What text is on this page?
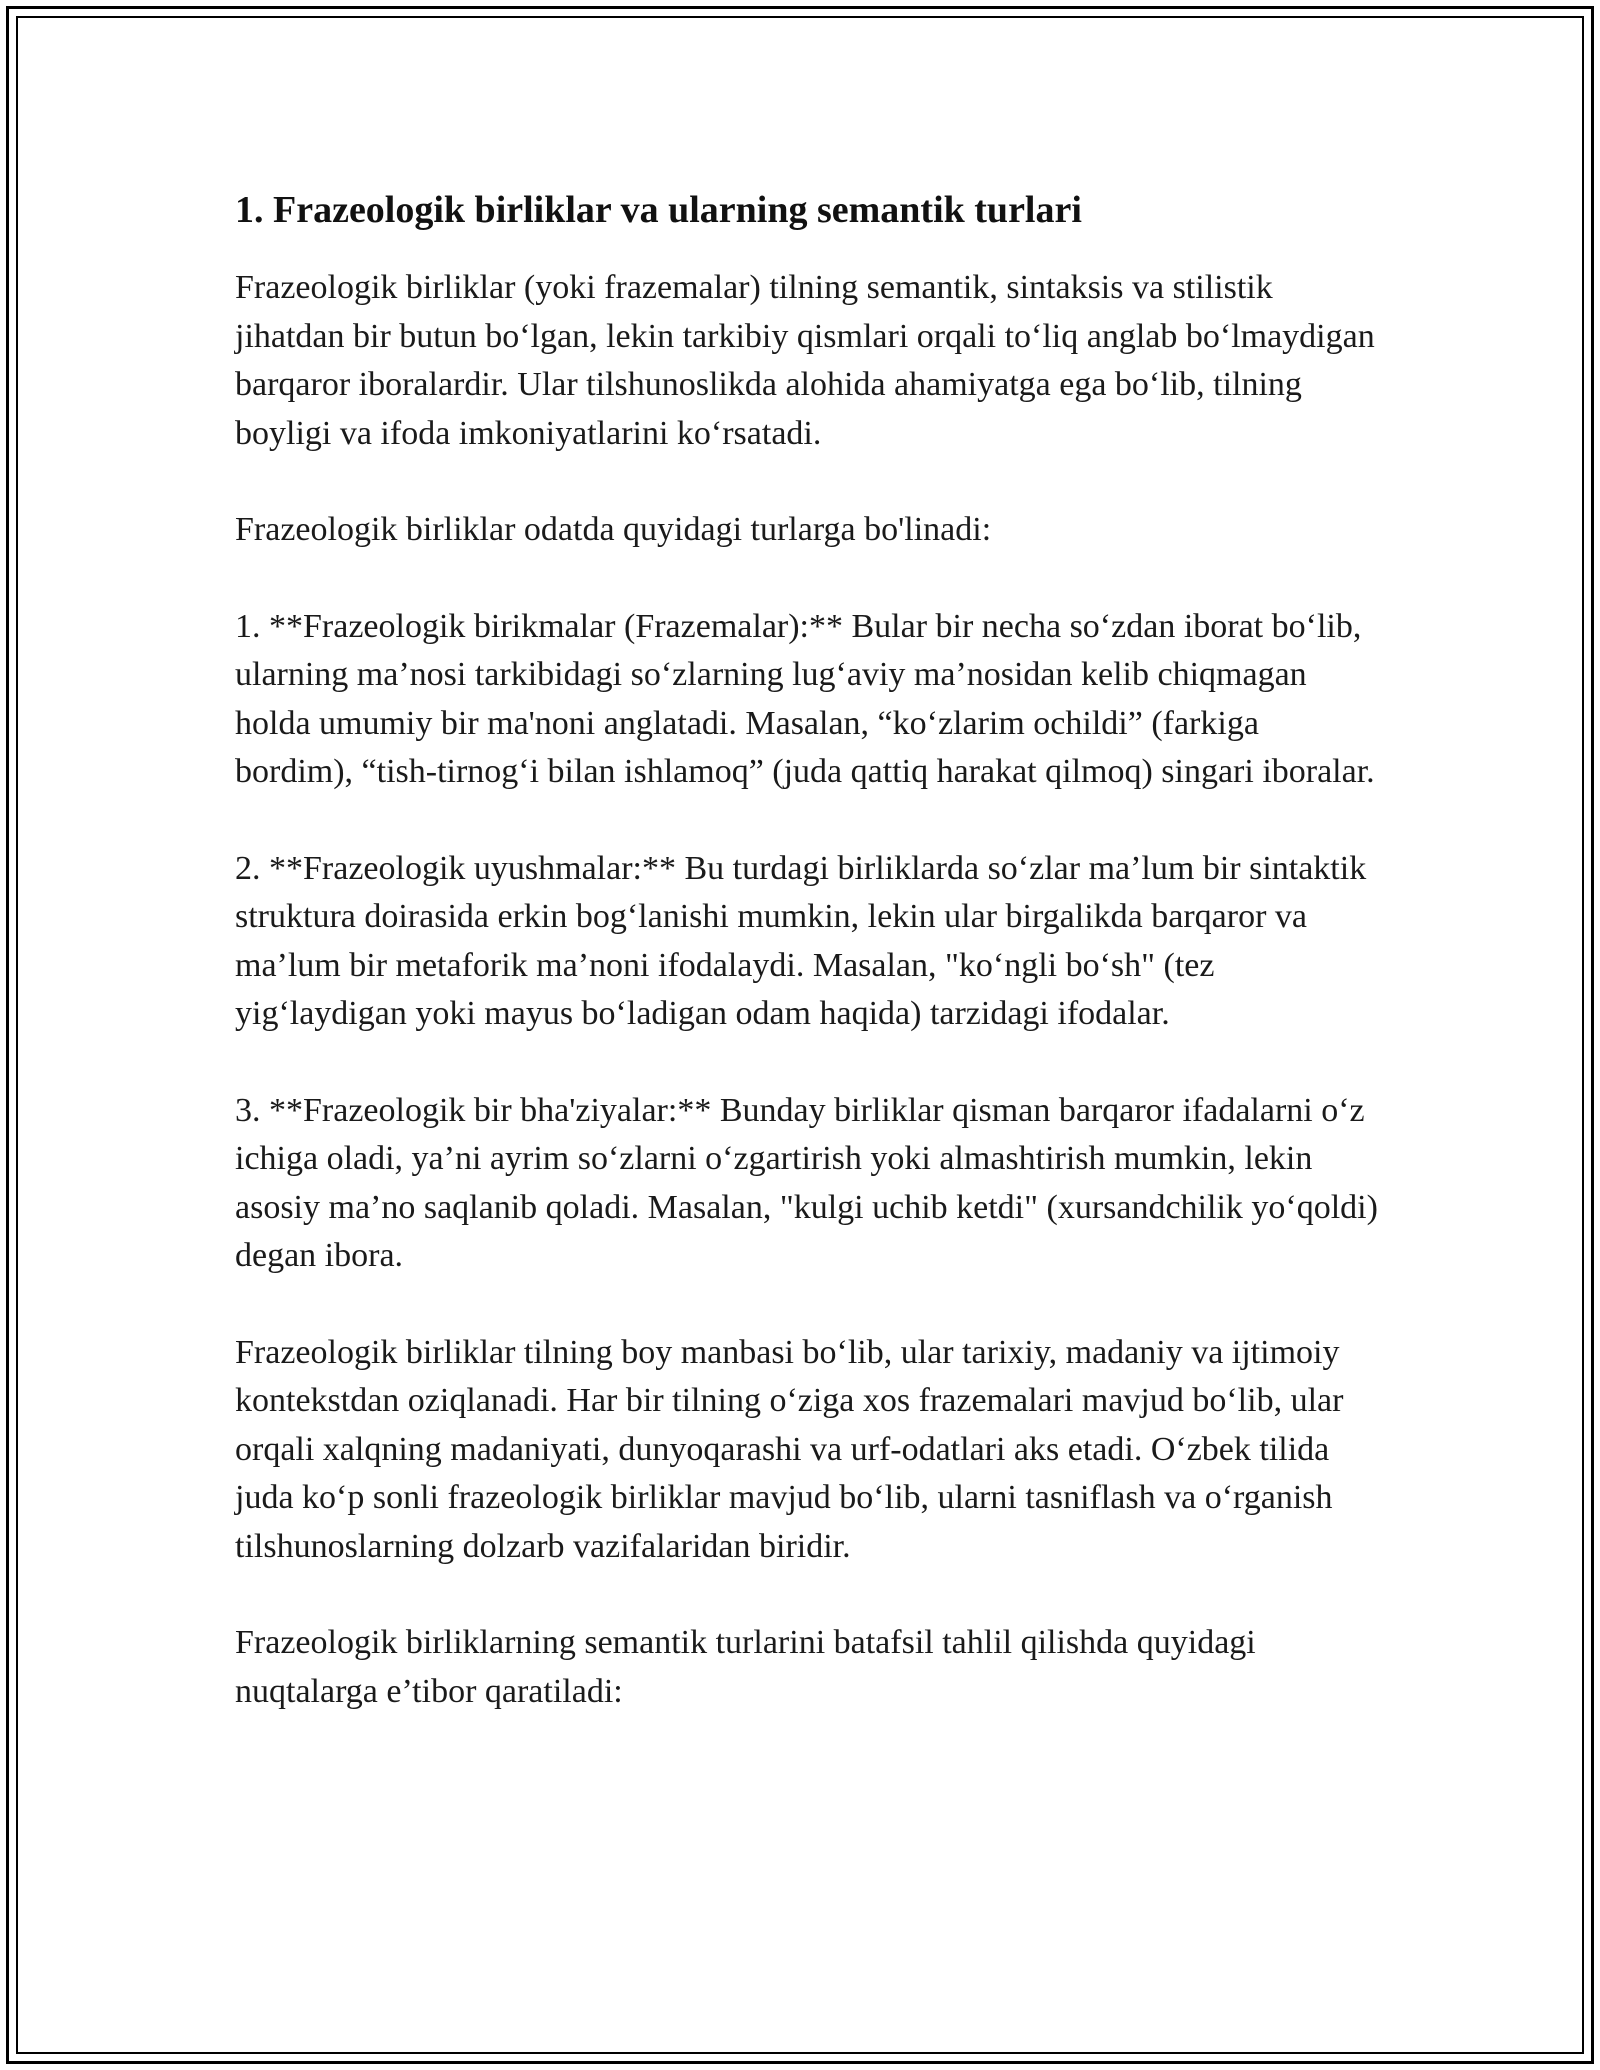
1. Frazeologik birliklar va ularning semantik turlari

Frazeologik birliklar (yoki frazemalar) tilning semantik, sintaksis va stilistik jihatdan bir butun bo‘lgan, lekin tarkibiy qismlari orqali to‘liq anglab bo‘lmaydigan barqaror iboralardir. Ular tilshunoslikda alohida ahamiyatga ega bo‘lib, tilning boyligi va ifoda imkoniyatlarini ko‘rsatadi.

Frazeologik birliklar odatda quyidagi turlarga bo'linadi:

1. **Frazeologik birikmalar (Frazemalar):** Bular bir necha so‘zdan iborat bo‘lib, ularning ma’nosi tarkibidagi so‘zlarning lug‘aviy ma’nosidan kelib chiqmagan holda umumiy bir ma'noni anglatadi. Masalan, “ko‘zlarim ochildi” (farkiga bordim), “tish-tirnog‘i bilan ishlamoq” (juda qattiq harakat qilmoq) singari iboralar.

2. **Frazeologik uyushmalar:** Bu turdagi birliklarda so‘zlar ma’lum bir sintaktik struktura doirasida erkin bog‘lanishi mumkin, lekin ular birgalikda barqaror va ma’lum bir metaforik ma’noni ifodalaydi. Masalan, "ko‘ngli bo‘sh" (tez yig‘laydigan yoki mayus bo‘ladigan odam haqida) tarzidagi ifodalar.

3. **Frazeologik bir bha'ziyalar:** Bunday birliklar qisman barqaror ifadalarni o‘z ichiga oladi, ya’ni ayrim so‘zlarni o‘zgartirish yoki almashtirish mumkin, lekin asosiy ma’no saqlanib qoladi. Masalan, "kulgi uchib ketdi" (xursandchilik yo‘qoldi) degan ibora.

Frazeologik birliklar tilning boy manbasi bo‘lib, ular tarixiy, madaniy va ijtimoiy kontekstdan oziqlanadi. Har bir tilning o‘ziga xos frazemalari mavjud bo‘lib, ular orqali xalqning madaniyati, dunyoqarashi va urf-odatlari aks etadi. O‘zbek tilida juda ko‘p sonli frazeologik birliklar mavjud bo‘lib, ularni tasniflash va o‘rganish tilshunoslarning dolzarb vazifalaridan biridir.

Frazeologik birliklarning semantik turlarini batafsil tahlil qilishda quyidagi nuqtalarga e’tibor qaratiladi:
